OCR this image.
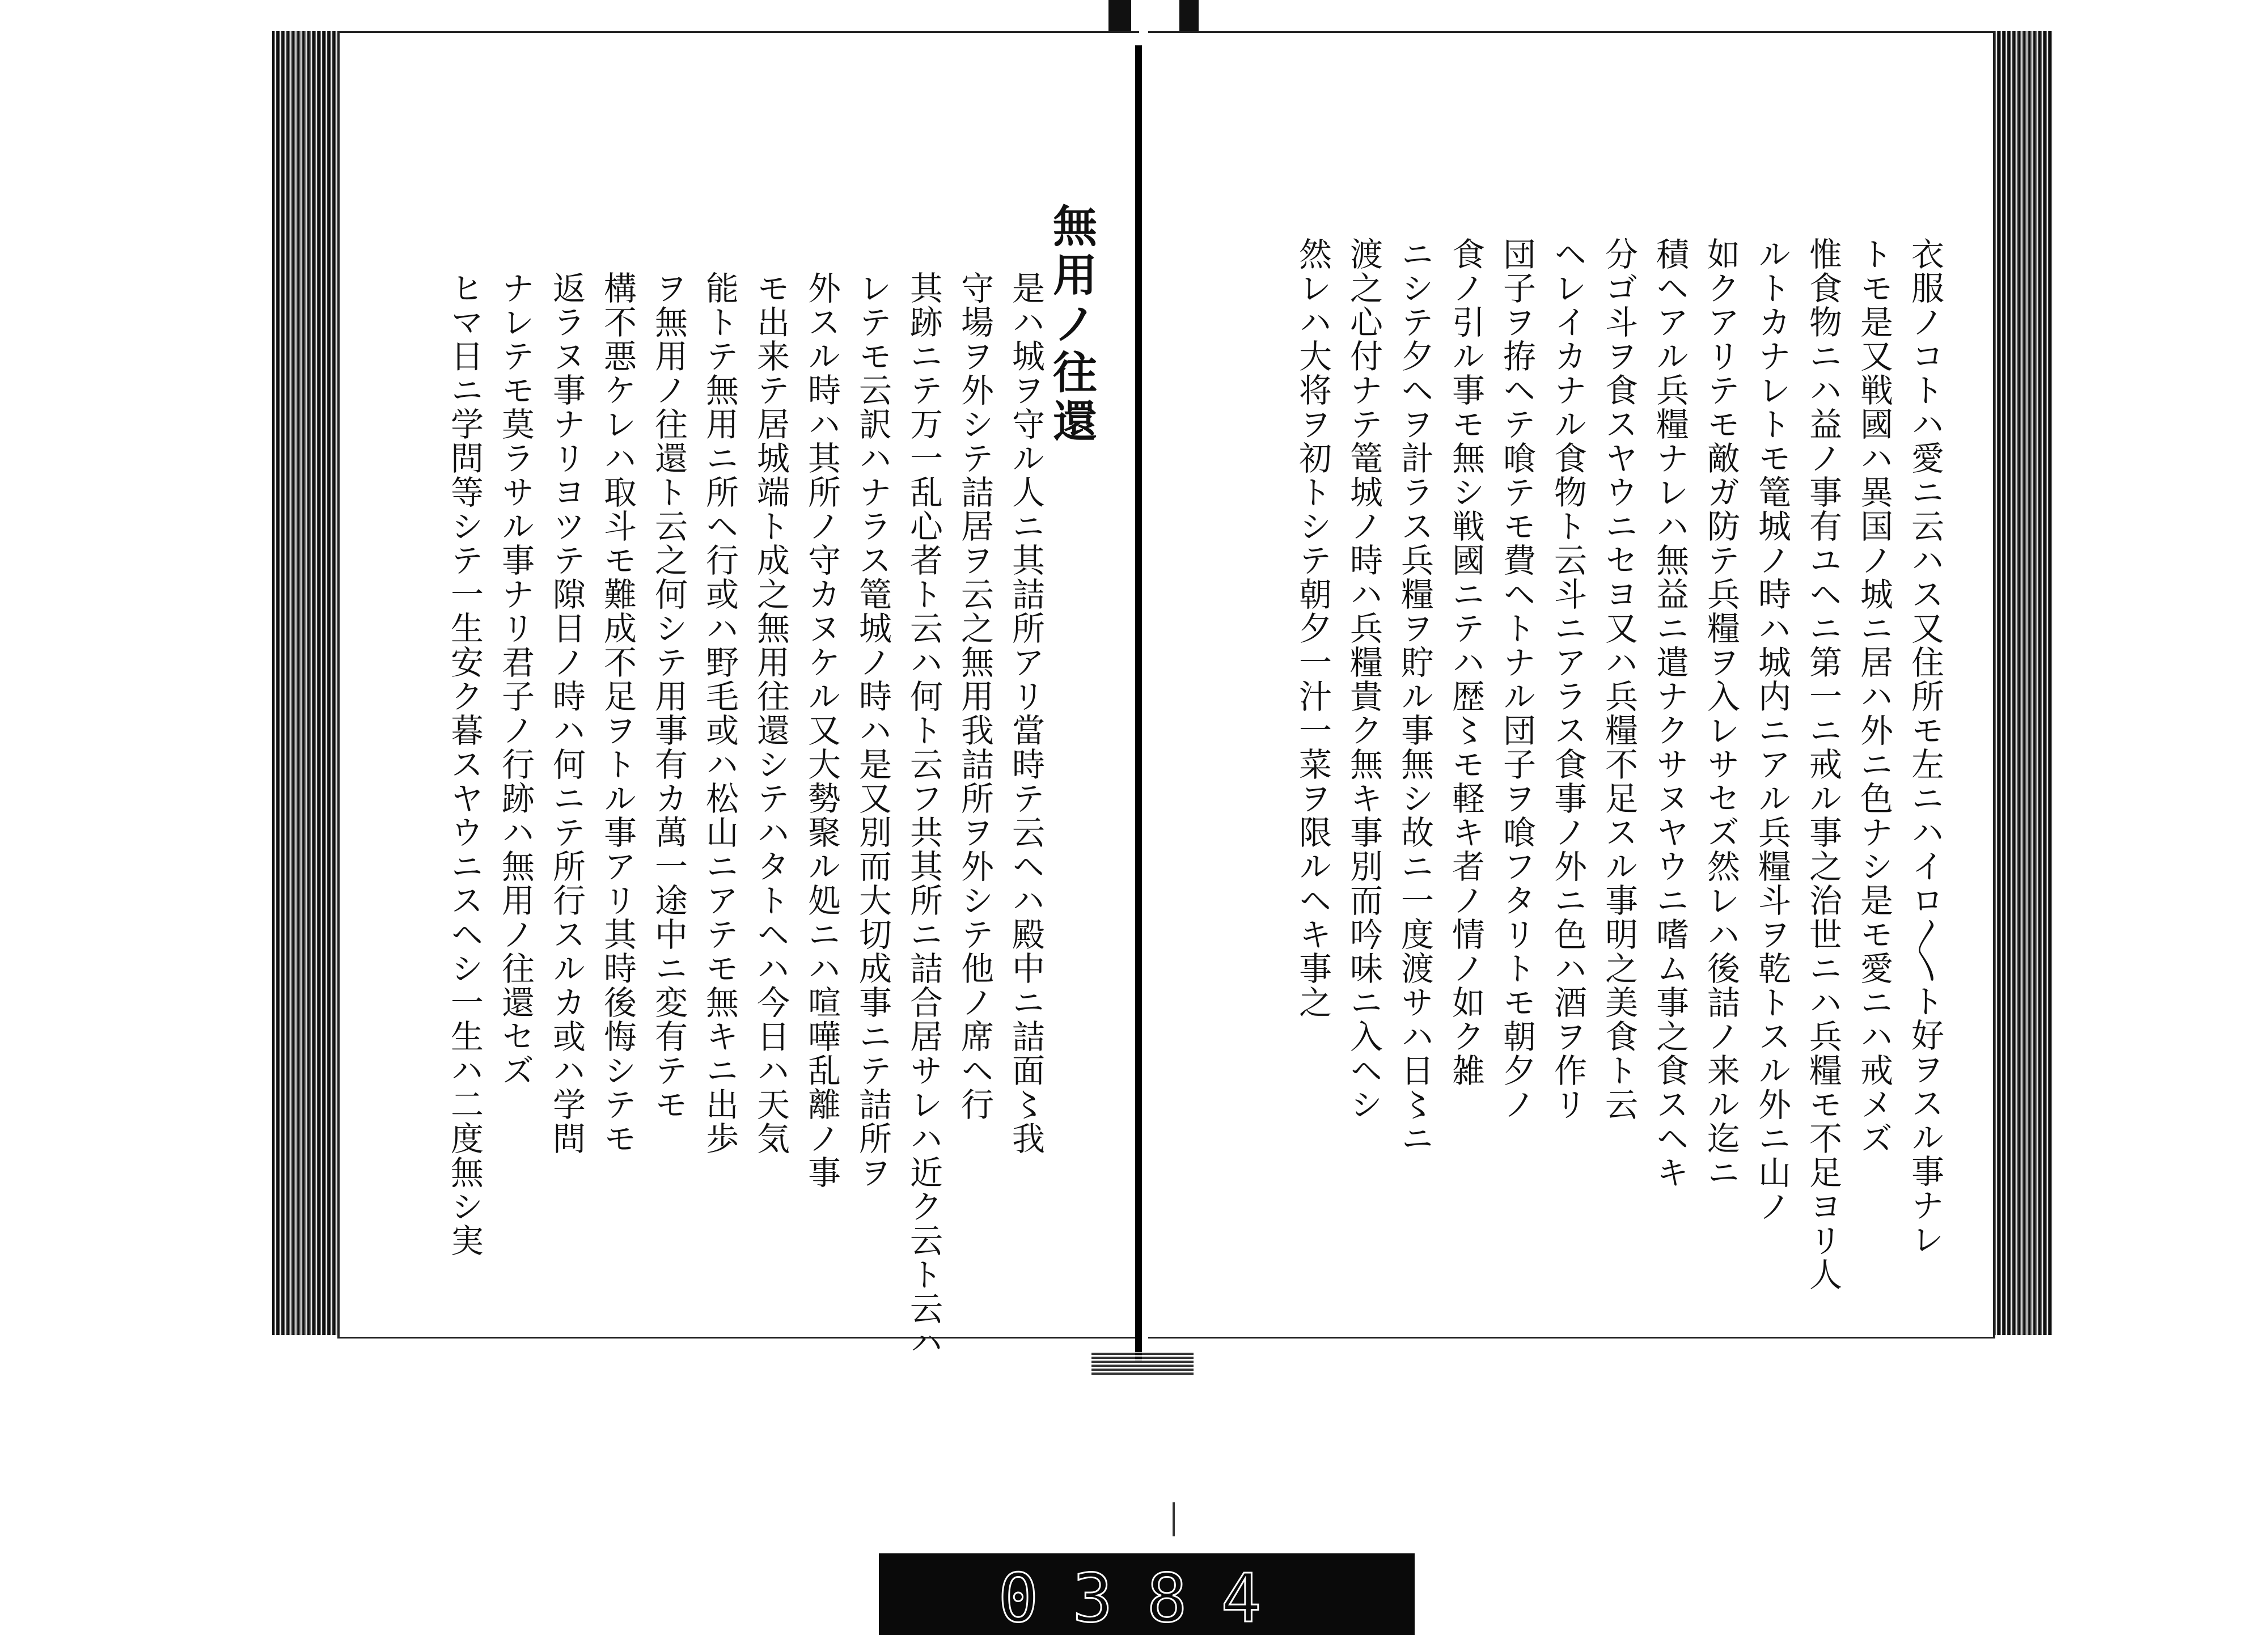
無用ノ往還
是ハ城ヲ守ル人ニ其詰所アリ當時テ云ヘハ殿中ニ詰面〻我
守場ヲ外シテ詰居ヲ云之無用我詰所ヲ外シテ他ノ席ヘ行
其跡ニテ万一乱心者ト云ハ何ト云フ共其所ニ詰合居サレハ近ク云ト云ハ
レテモ云訳ハナラス篭城ノ時ハ是又別而大切成事ニテ詰所ヲ
外スル時ハ其所ノ守カヌケル又大勢聚ル処ニハ喧嘩乱離ノ事
モ出来テ居城端ト成之無用往還シテハタトヘハ今日ハ天気
能トテ無用ニ所ヘ行或ハ野毛或ハ松山ニアテモ無キニ出歩
ヲ無用ノ往還ト云之何シテ用事有カ萬一途中ニ変有テモ
構不悪ケレハ取斗モ難成不足ヲトル事アリ其時後悔シテモ
返ラヌ事ナリヨツテ隙日ノ時ハ何ニテ所行スルカ或ハ学問
ナレテモ莫ラサル事ナリ君子ノ行跡ハ無用ノ往還セズ
ヒマ日ニ学問等シテ一生安ク暮スヤウニスヘシ一生ハ二度無シ実	衣服ノコトハ愛ニ云ハス又住所モ左ニハイロ〳〵ト好ヲスル事ナレ
トモ是又戦國ハ異国ノ城ニ居ハ外ニ色ナシ是モ愛ニハ戒メズ
惟食物ニハ益ノ事有ユヘニ第一ニ戒ル事之治世ニハ兵糧モ不足ヨリ人
ルトカナレトモ篭城ノ時ハ城内ニアル兵糧斗ヲ乾トスル外ニ山ノ
如クアリテモ敵ガ防テ兵糧ヲ入レサセズ然レハ後詰ノ来ル迄ニ
積ヘアル兵糧ナレハ無益ニ遣ナクサヌヤウニ嗜ム事之食スヘキ
分ゴ斗ヲ食スヤウニセヨ又ハ兵糧不足スル事明之美食ト云
ヘレイカナル食物ト云斗ニアラス食事ノ外ニ色ハ酒ヲ作リ
団子ヲ拵ヘテ喰テモ費ヘトナル団子ヲ喰フタリトモ朝夕ノ
食ノ引ル事モ無シ戦國ニテハ歴〻モ軽キ者ノ情ノ如ク雑
ニシテ夕ヘヲ計ラス兵糧ヲ貯ル事無シ故ニ一度渡サハ日〻ニ
渡之心付ナテ篭城ノ時ハ兵糧貴ク無キ事別而吟味ニ入ヘシ
然レハ大将ヲ初トシテ朝夕一汁一菜ヲ限ルヘキ事之
0384
